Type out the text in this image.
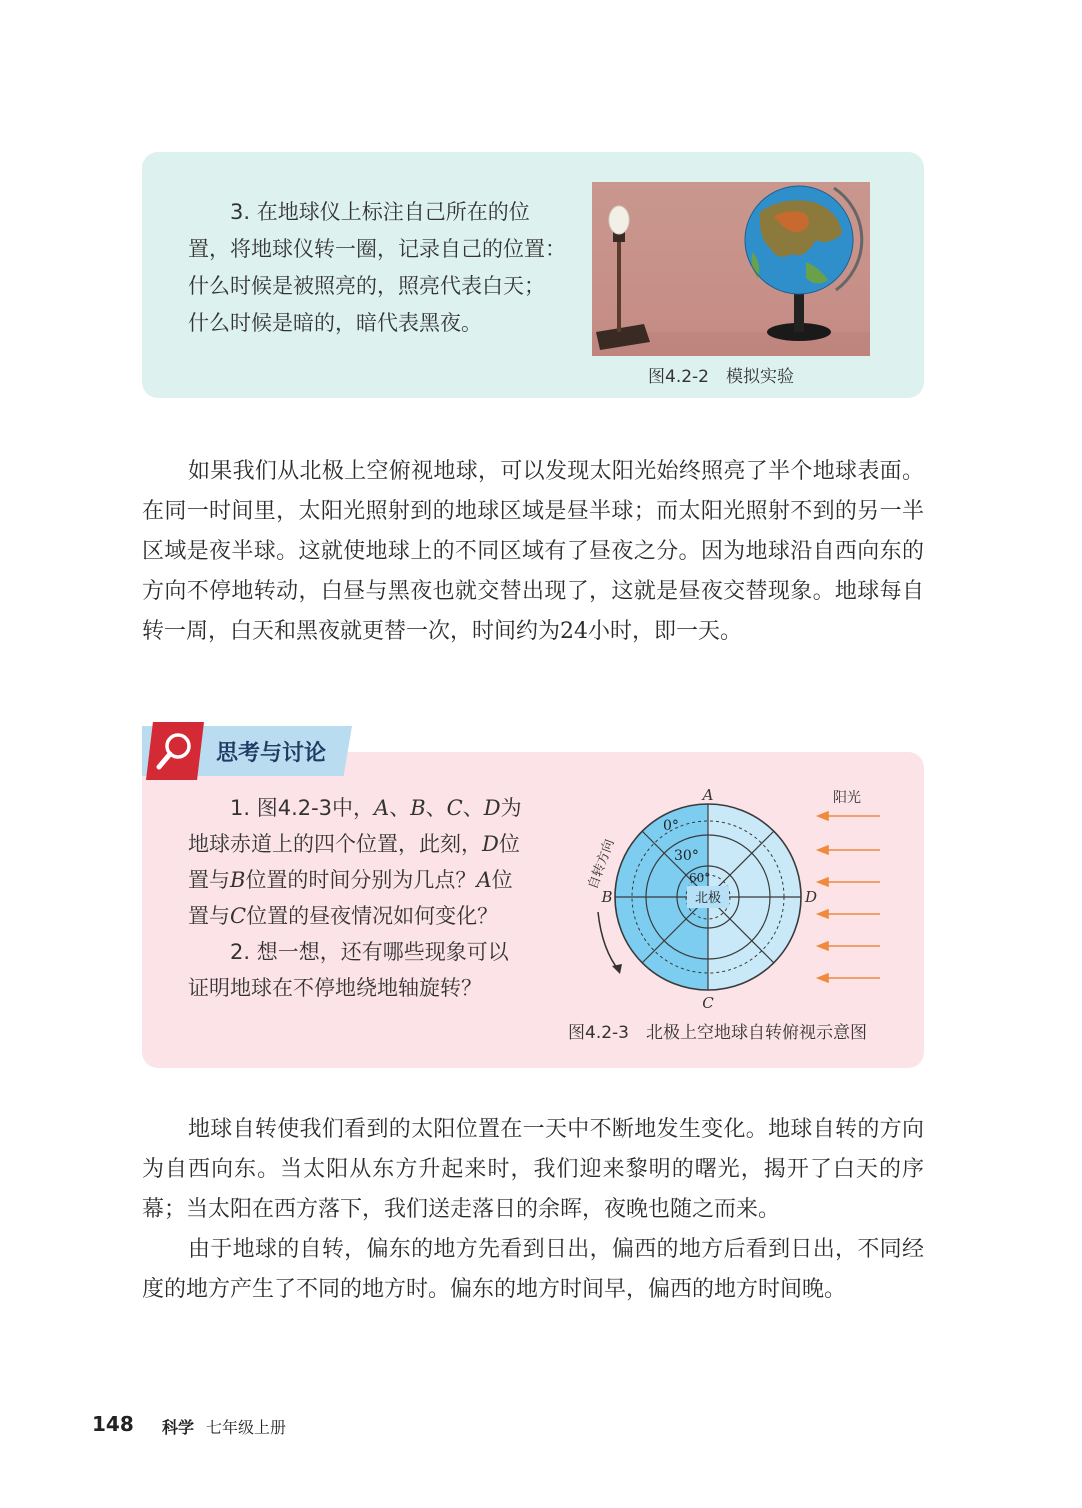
3. 在地球仪上标注自己所在的位

置，将地球仪转一圈，记录自己的位置：

什么时候是被照亮的，照亮代表白天；

什么时候是暗的，暗代表黑夜。

图4.2-2　模拟实验

如果我们从北极上空俯视地球，可以发现太阳光始终照亮了半个地球表面。在同一时间里，太阳光照射到的地球区域是昼半球；而太阳光照射不到的另一半区域是夜半球。这就使地球上的不同区域有了昼夜之分。因为地球沿自西向东的方向不停地转动，白昼与黑夜也就交替出现了，这就是昼夜交替现象。地球每自转一周，白天和黑夜就更替一次，时间约为24小时，即一天。

思考与讨论

1. 图4.2-3中，A、B、C、D为地球赤道上的四个位置，此刻，D位置与B位置的时间分别为几点？A位置与C位置的昼夜情况如何变化？

2. 想一想，还有哪些现象可以证明地球在不停地绕地轴旋转？

A
C
B	D
0°
30°
60°
北极
阳光
自转方向
图4.2-3　北极上空地球自转俯视示意图

地球自转使我们看到的太阳位置在一天中不断地发生变化。地球自转的方向为自西向东。当太阳从东方升起来时，我们迎来黎明的曙光，揭开了白天的序幕；当太阳在西方落下，我们送走落日的余晖，夜晚也随之而来。

由于地球的自转，偏东的地方先看到日出，偏西的地方后看到日出，不同经度的地方产生了不同的地方时。偏东的地方时间早，偏西的地方时间晚。

148 科学 七年级上册
